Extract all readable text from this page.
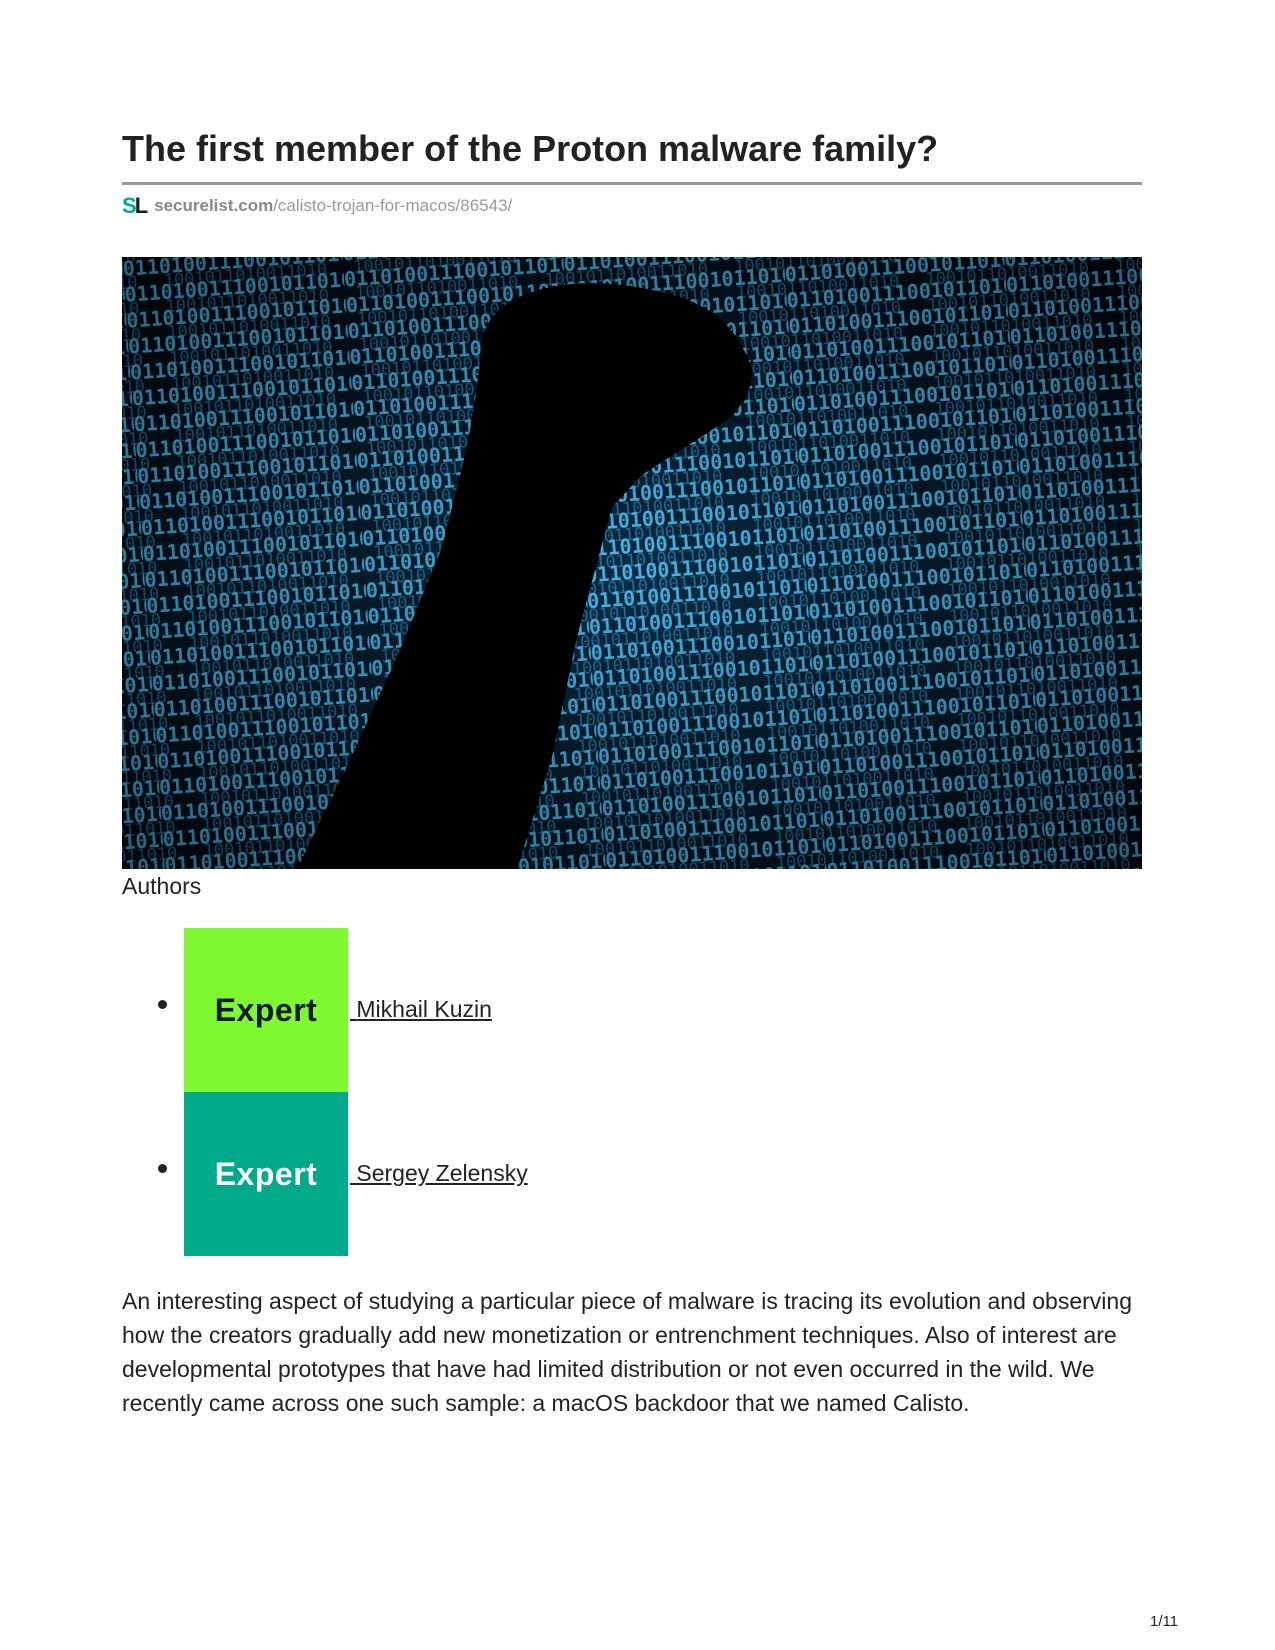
The first member of the Proton malware family?
SL securelist.com /calisto-trojan-for-macos/86543/
Authors
Expert	Mikhail Kuzin
Expert	Sergey Zelensky

An interesting aspect of studying a particular piece of malware is tracing its evolution and observing how the creators gradually add new monetization or entrenchment techniques. Also of interest are developmental prototypes that have had limited distribution or not even occurred in the wild. We recently came across one such sample: a macOS backdoor that we named Calisto.

1/11
